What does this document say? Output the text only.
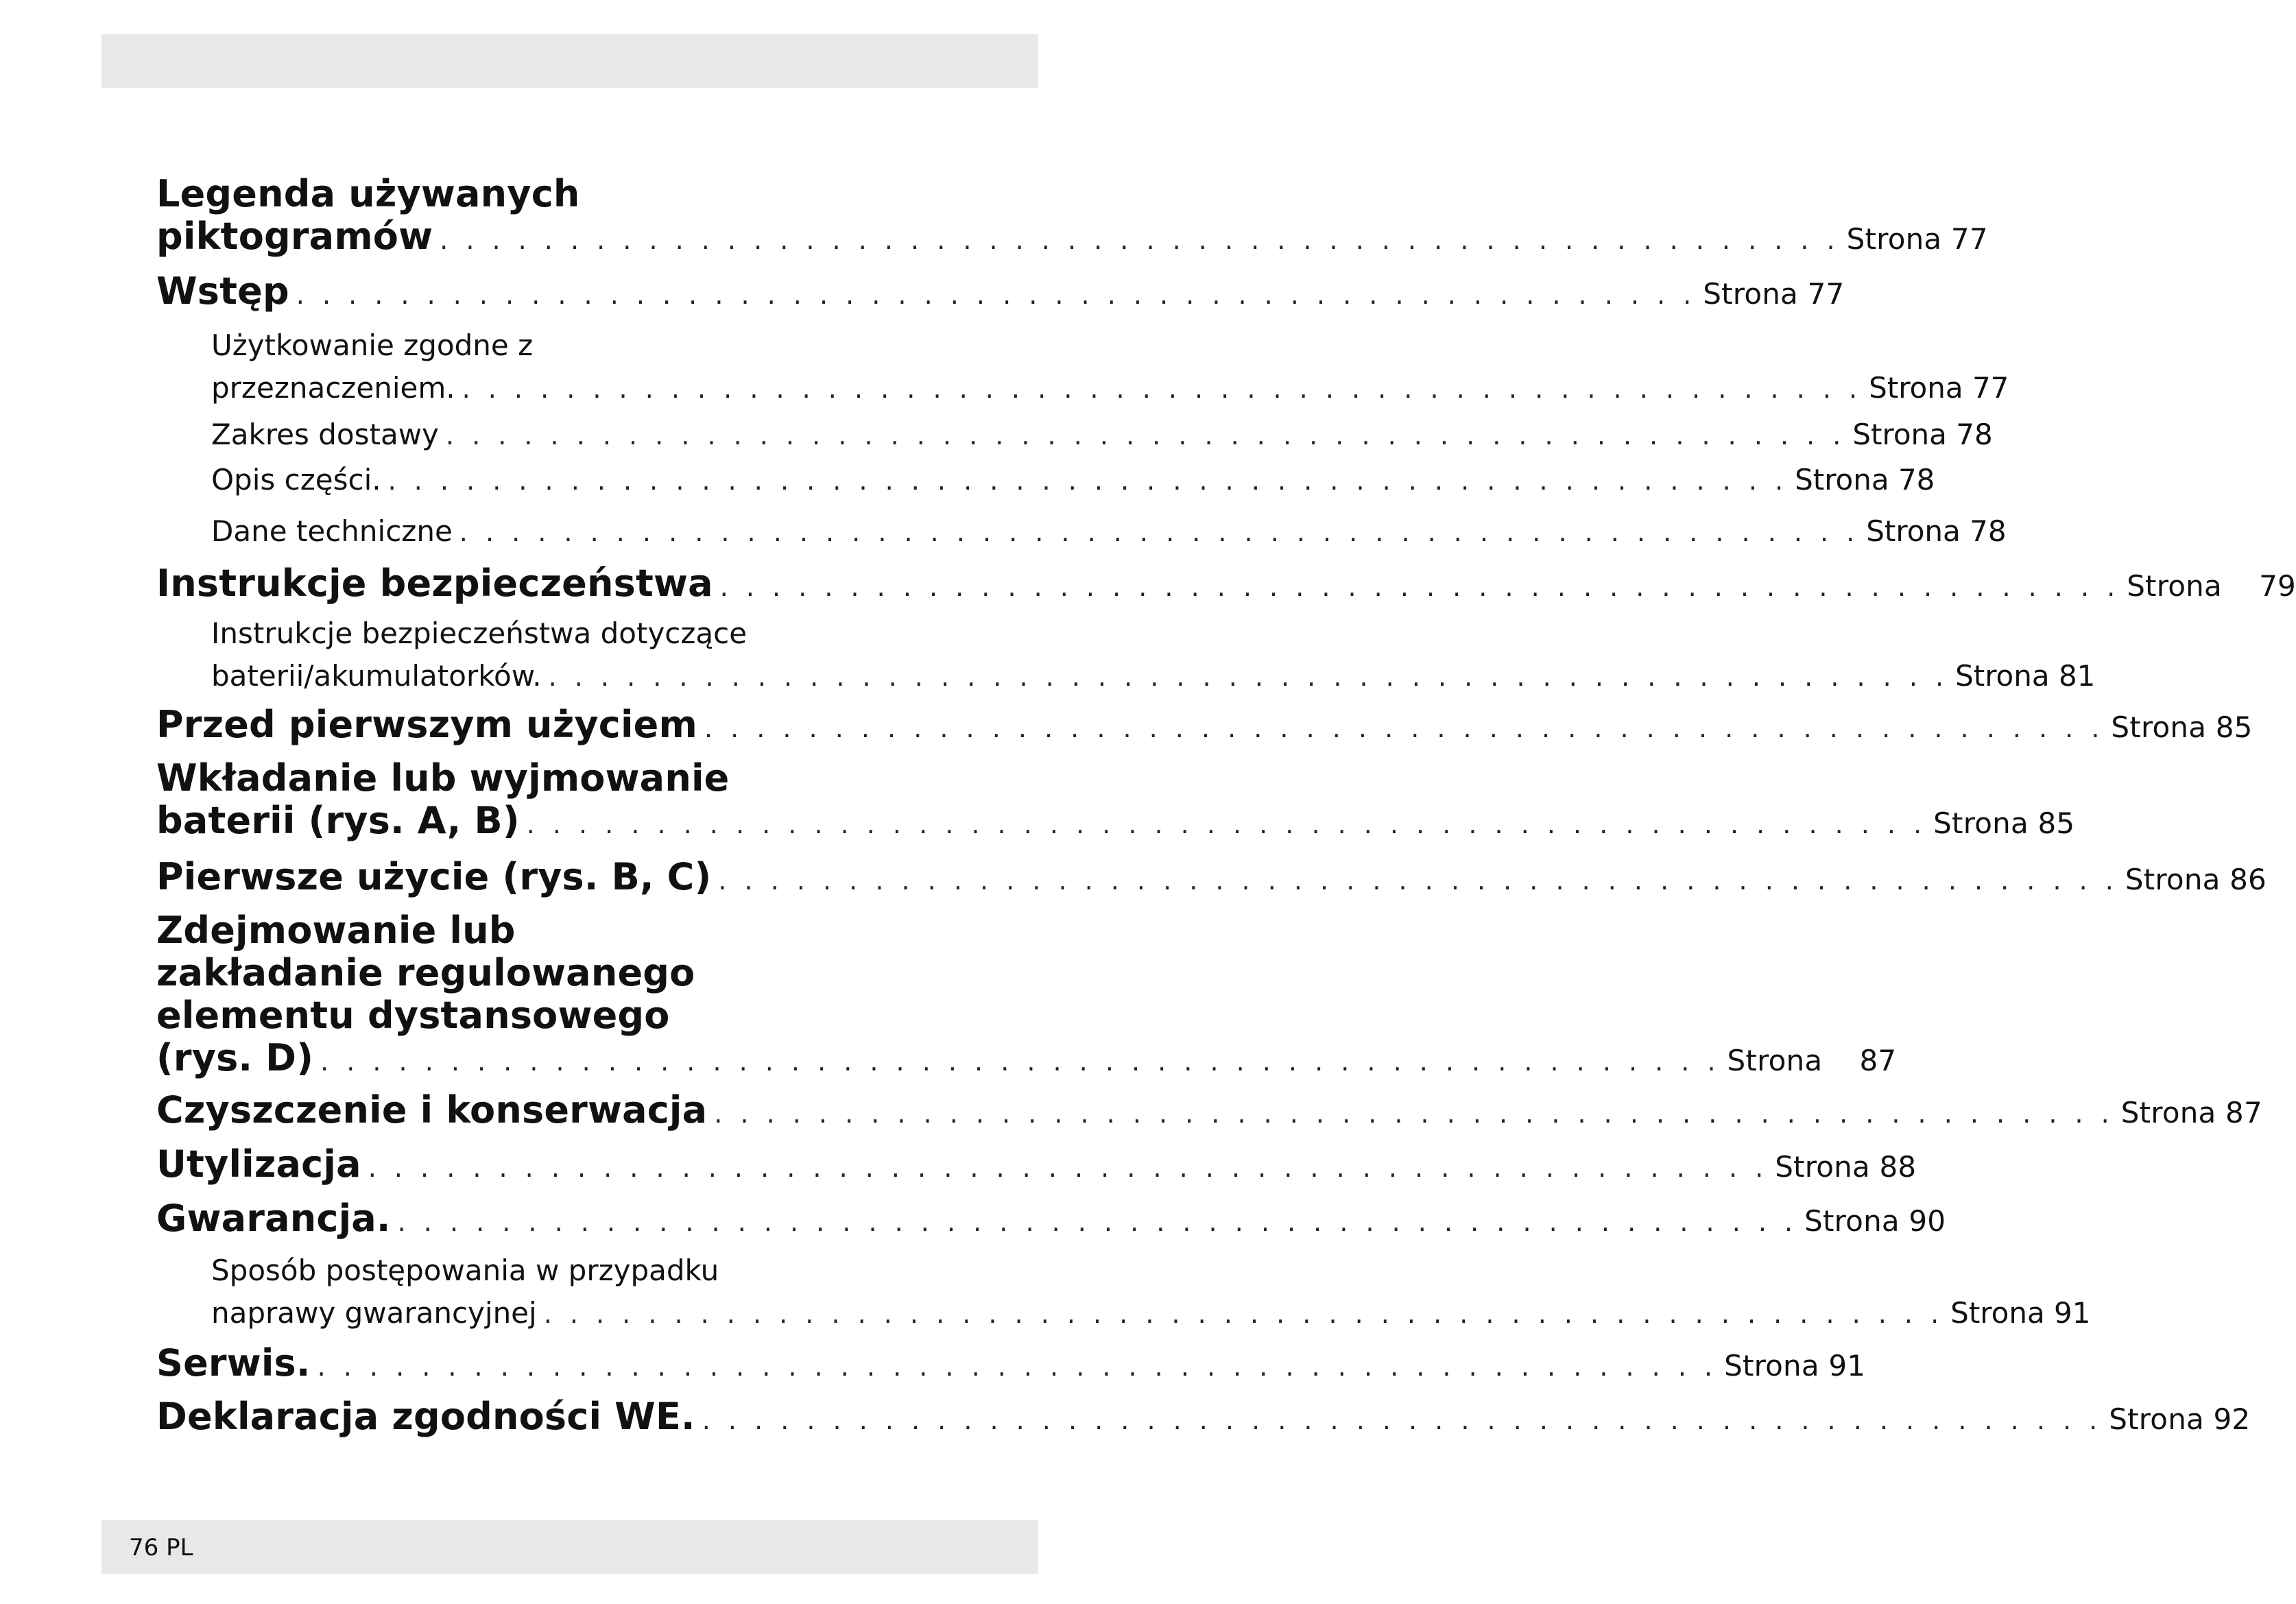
Legenda używanych
piktogramów . . . . . . . . . . . . . . . . . . . . . . . . . . . . . . . . . . . . . . . . . . . . . . . . . . . . . . Strona 77
Wstęp . . . . . . . . . . . . . . . . . . . . . . . . . . . . . . . . . . . . . . . . . . . . . . . . . . . . . . Strona 77
Użytkowanie zgodne z
przeznaczeniem. . . . . . . . . . . . . . . . . . . . . . . . . . . . . . . . . . . . . . . . . . . . . . . . . . . . . . . Strona 77
Zakres dostawy . . . . . . . . . . . . . . . . . . . . . . . . . . . . . . . . . . . . . . . . . . . . . . . . . . . . . . Strona 78
Opis części. . . . . . . . . . . . . . . . . . . . . . . . . . . . . . . . . . . . . . . . . . . . . . . . . . . . . . . Strona 78
Dane techniczne . . . . . . . . . . . . . . . . . . . . . . . . . . . . . . . . . . . . . . . . . . . . . . . . . . . . . . Strona 78
Instrukcje bezpieczeństwa . . . . . . . . . . . . . . . . . . . . . . . . . . . . . . . . . . . . . . . . . . . . . . . . . . . . . . Strona    79
Instrukcje bezpieczeństwa dotyczące
baterii/akumulatorków. . . . . . . . . . . . . . . . . . . . . . . . . . . . . . . . . . . . . . . . . . . . . . . . . . . . . . . Strona 81
Przed pierwszym użyciem . . . . . . . . . . . . . . . . . . . . . . . . . . . . . . . . . . . . . . . . . . . . . . . . . . . . . . Strona 85
Wkładanie lub wyjmowanie
baterii (rys. A, B) . . . . . . . . . . . . . . . . . . . . . . . . . . . . . . . . . . . . . . . . . . . . . . . . . . . . . . Strona 85
Pierwsze użycie (rys. B, C) . . . . . . . . . . . . . . . . . . . . . . . . . . . . . . . . . . . . . . . . . . . . . . . . . . . . . . Strona 86
Zdejmowanie lub
zakładanie regulowanego
elementu dystansowego
(rys. D) . . . . . . . . . . . . . . . . . . . . . . . . . . . . . . . . . . . . . . . . . . . . . . . . . . . . . . Strona    87
Czyszczenie i konserwacja . . . . . . . . . . . . . . . . . . . . . . . . . . . . . . . . . . . . . . . . . . . . . . . . . . . . . . Strona 87
Utylizacja . . . . . . . . . . . . . . . . . . . . . . . . . . . . . . . . . . . . . . . . . . . . . . . . . . . . . . Strona 88
Gwarancja. . . . . . . . . . . . . . . . . . . . . . . . . . . . . . . . . . . . . . . . . . . . . . . . . . . . . . . Strona 90
Sposób postępowania w przypadku
naprawy gwarancyjnej . . . . . . . . . . . . . . . . . . . . . . . . . . . . . . . . . . . . . . . . . . . . . . . . . . . . . . Strona 91
Serwis. . . . . . . . . . . . . . . . . . . . . . . . . . . . . . . . . . . . . . . . . . . . . . . . . . . . . . . Strona 91
Deklaracja zgodności WE. . . . . . . . . . . . . . . . . . . . . . . . . . . . . . . . . . . . . . . . . . . . . . . . . . . . . . . Strona 92
76 PL
